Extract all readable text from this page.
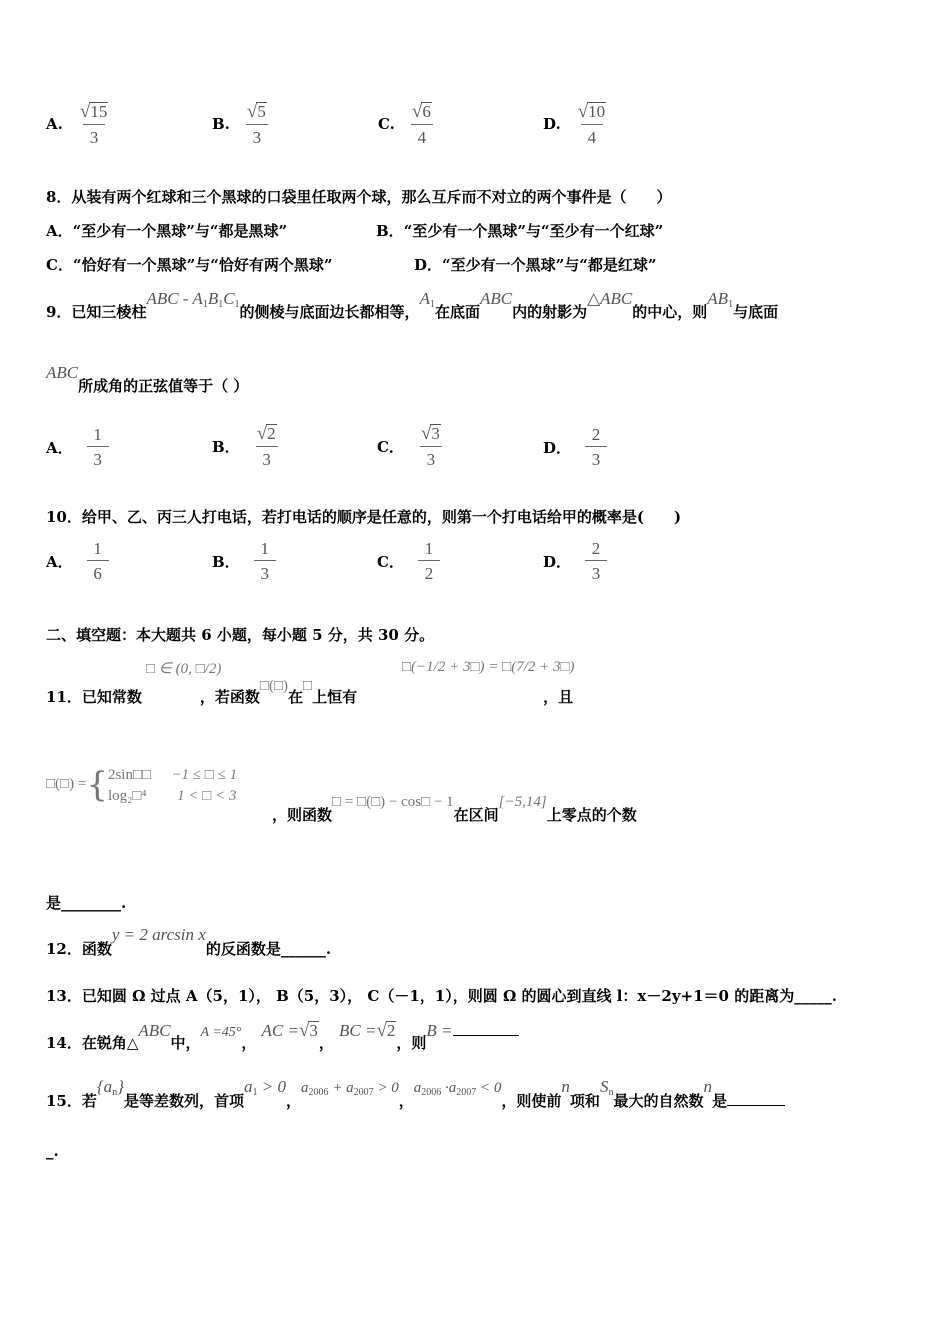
A. $\frac{√ 15}{3}$	B. $\frac{√ 5}{3}$	C. $\frac{√ 6}{4}$	D. $\frac{√ 10}{4}$
8．从装有两个红球和三个黑球的口袋里任取两个球，那么互斥而不对立的两个事件是（　　）
A．“至少有一个黑球”与“都是黑球”	B．“至少有一个黑球”与“至少有一个红球”
C．“恰好有一个黑球”与“恰好有两个黑球”	D．“至少有一个黑球”与“都是红球”
9．已知三棱柱ABC - $A_1B_1C_1$的侧棱与底面边长都相等，$A_1$在底面ABC内的射影为△ABC的中心，则$AB_1$与底面
ABC所成角的正弦值等于（ ）
A． $\frac{1}{3}$	B． $\frac{√ 2}{3}$	C． $\frac{√ 3}{3}$	D． $\frac{2}{3}$
10．给甲、乙、丙三人打电话，若打电话的顺序是任意的，则第一个打电话给甲的概率是(　　)
A． $\frac{1}{6}$	B． $\frac{1}{3}$	C． $\frac{1}{2}$	D． $\frac{2}{3}$
二、填空题：本大题共 6 小题，每小题 5 分，共 30 分。
□ ∈ (0, □/2)	□(−1/2 + 3□) = □(7/2 + 3□)
11．已知常数	，若函数□(□)在□上恒有	，且
□(□) = { 2sin□□ −1 ≤ □ ≤ 1
log₂□⁴ 1 < □ < 3
，则函数□ = □(□) − cos□ − 1在区间[−5,14]上零点的个数
是________.
12．函数y = 2 arcsin x的反函数是______.
13．已知圆 Ω 过点 A（5，1）， B（5，3）， C（－1，1），则圆 Ω 的圆心到直线 l：x－2y+1＝0 的距离为_____.
14．在锐角△ABC中，A =45°， AC = √ 3
， BC = √ 2
，则B =
15．若$\{a_n\}$是等差数列，首项$a_1 > 0$，$a_{2006} + a_{2007} > 0$，$a_{2006} \cdot a_{2007} < 0$，则使前n项和$S_n$最大的自然数n是
_.
